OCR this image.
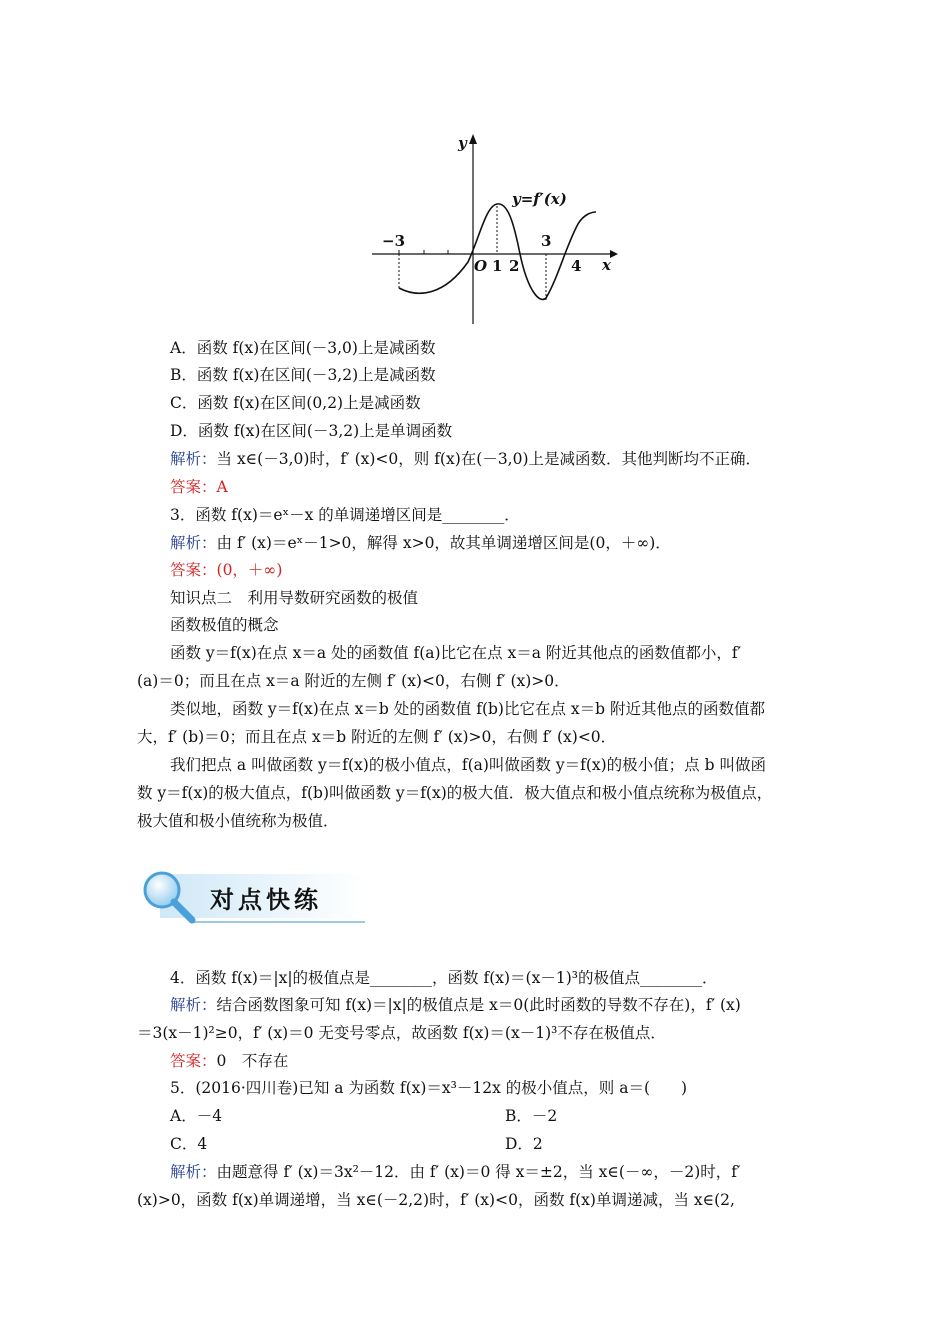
y
x
y=f′(x)
−3
O 1 2
3
4
A．函数 f(x)在区间(－3,0)上是减函数
B．函数 f(x)在区间(－3,2)上是减函数
C．函数 f(x)在区间(0,2)上是减函数
D．函数 f(x)在区间(－3,2)上是单调函数
解析：当 x∈(－3,0)时，f′ (x)<0，则 f(x)在(－3,0)上是减函数．其他判断均不正确．
答案：A
3．函数 f(x)＝eˣ－x 的单调递增区间是________．
解析：由 f′ (x)＝eˣ－1>0，解得 x>0，故其单调递增区间是(0，＋∞)．
答案：(0，＋∞)
知识点二　利用导数研究函数的极值
函数极值的概念
函数 y＝f(x)在点 x＝a 处的函数值 f(a)比它在点 x＝a 附近其他点的函数值都小，f′
(a)＝0；而且在点 x＝a 附近的左侧 f′ (x)<0，右侧 f′ (x)>0．
类似地，函数 y＝f(x)在点 x＝b 处的函数值 f(b)比它在点 x＝b 附近其他点的函数值都
大，f′ (b)＝0；而且在点 x＝b 附近的左侧 f′ (x)>0，右侧 f′ (x)<0．
我们把点 a 叫做函数 y＝f(x)的极小值点，f(a)叫做函数 y＝f(x)的极小值；点 b 叫做函
数 y＝f(x)的极大值点，f(b)叫做函数 y＝f(x)的极大值．极大值点和极小值点统称为极值点，
极大值和极小值统称为极值．
对点快练
4．函数 f(x)＝|x|的极值点是________，函数 f(x)＝(x－1)³的极值点________．
解析：结合函数图象可知 f(x)＝|x|的极值点是 x＝0(此时函数的导数不存在)，f′ (x)
＝3(x－1)²≥0，f′ (x)＝0 无变号零点，故函数 f(x)＝(x－1)³不存在极值点．
答案：0　不存在
5．(2016·四川卷)已知 a 为函数 f(x)＝x³－12x 的极小值点，则 a＝(　　)
A．－4	B．－2
C．4	D．2
解析：由题意得 f′ (x)＝3x²－12．由 f′ (x)＝0 得 x＝±2，当 x∈(－∞，－2)时，f′
(x)>0，函数 f(x)单调递增，当 x∈(－2,2)时，f′ (x)<0，函数 f(x)单调递减，当 x∈(2,
